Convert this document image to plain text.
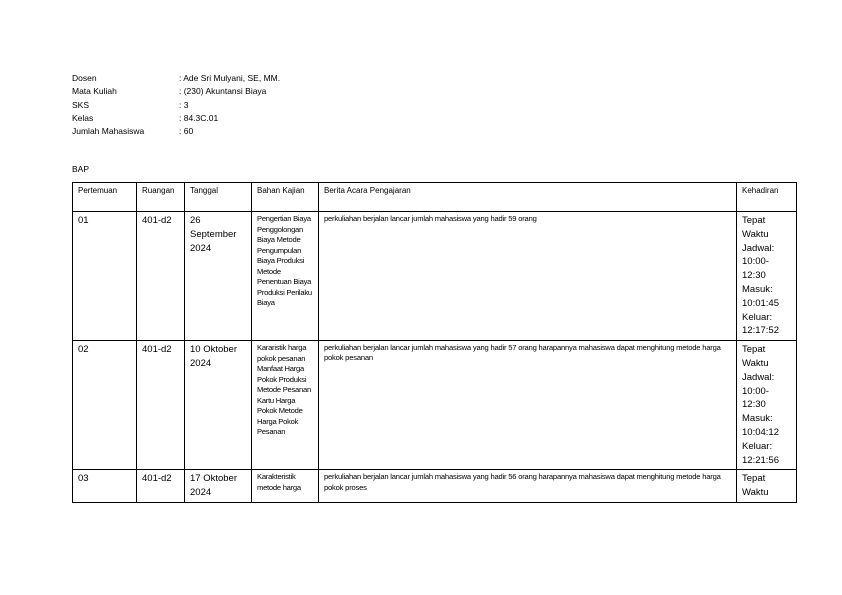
Dosen	: Ade Sri Mulyani, SE, MM.
Mata Kuliah	: (230) Akuntansi Biaya
SKS	: 3
Kelas	: 84.3C.01
Jumlah Mahasiswa	: 60
BAP
Pertemuan	Ruangan	Tanggal	Bahan Kajian	Berita Acara Pengajaran	Kehadiran
01	401-d2	26 September 2024	Pengertian Biaya Penggolongan Biaya Metode Pengumpulan Biaya Produksi Metode Penentuan Biaya Produksi Perilaku Biaya	perkuliahan berjalan lancar jumlah mahasiswa yang hadir 59 orang	Tepat Waktu Jadwal: 10:00-12:30 Masuk: 10:01:45 Keluar: 12:17:52
02	401-d2	10 Oktober 2024	Kararistik harga pokok pesanan Manfaat Harga Pokok Produksi Metode Pesanan Kartu Harga Pokok Metode Harga Pokok Pesanan	perkuliahan berjalan lancar jumlah mahasiswa yang hadir 57 orang harapannya mahasiswa dapat menghitung metode harga pokok pesanan	Tepat Waktu Jadwal: 10:00-12:30 Masuk: 10:04:12 Keluar: 12:21:56
03	401-d2	17 Oktober 2024	Karakteristik metode harga	perkuliahan berjalan lancar jumlah mahasiswa yang hadir 56 orang harapannya mahasiswa dapat menghitung metode harga pokok proses	Tepat Waktu
